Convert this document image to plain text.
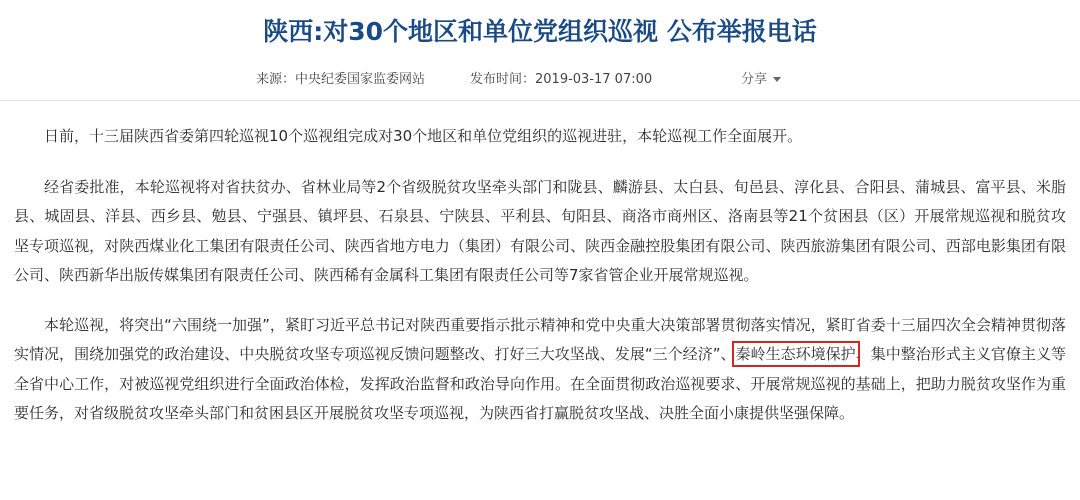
陕西:对30个地区和单位党组织巡视 公布举报电话
来源：中央纪委国家监委网站	发布时间：2019-03-17 07:00	分享

日前，十三届陕西省委第四轮巡视10个巡视组完成对30个地区和单位党组织的巡视进驻，本轮巡视工作全面展开。

经省委批准，本轮巡视将对省扶贫办、省林业局等2个省级脱贫攻坚牵头部门和陇县、麟游县、太白县、旬邑县、淳化县、合阳县、蒲城县、富平县、米脂县、城固县、洋县、西乡县、勉县、宁强县、镇坪县、石泉县、宁陕县、平利县、旬阳县、商洛市商州区、洛南县等21个贫困县（区）开展常规巡视和脱贫攻坚专项巡视，对陕西煤业化工集团有限责任公司、陕西省地方电力（集团）有限公司、陕西金融控股集团有限公司、陕西旅游集团有限公司、西部电影集团有限公司、陕西新华出版传媒集团有限责任公司、陕西稀有金属科工集团有限责任公司等7家省管企业开展常规巡视。

本轮巡视，将突出“六围绕一加强”，紧盯习近平总书记对陕西重要指示批示精神和党中央重大决策部署贯彻落实情况，紧盯省委十三届四次全会精神贯彻落实情况，围绕加强党的政治建设、中央脱贫攻坚专项巡视反馈问题整改、打好三大攻坚战、发展“三个经济”、秦岭生态环境保护、集中整治形式主义官僚主义等全省中心工作，对被巡视党组织进行全面政治体检，发挥政治监督和政治导向作用。在全面贯彻政治巡视要求、开展常规巡视的基础上，把助力脱贫攻坚作为重要任务，对省级脱贫攻坚牵头部门和贫困县区开展脱贫攻坚专项巡视，为陕西省打赢脱贫攻坚战、决胜全面小康提供坚强保障。
